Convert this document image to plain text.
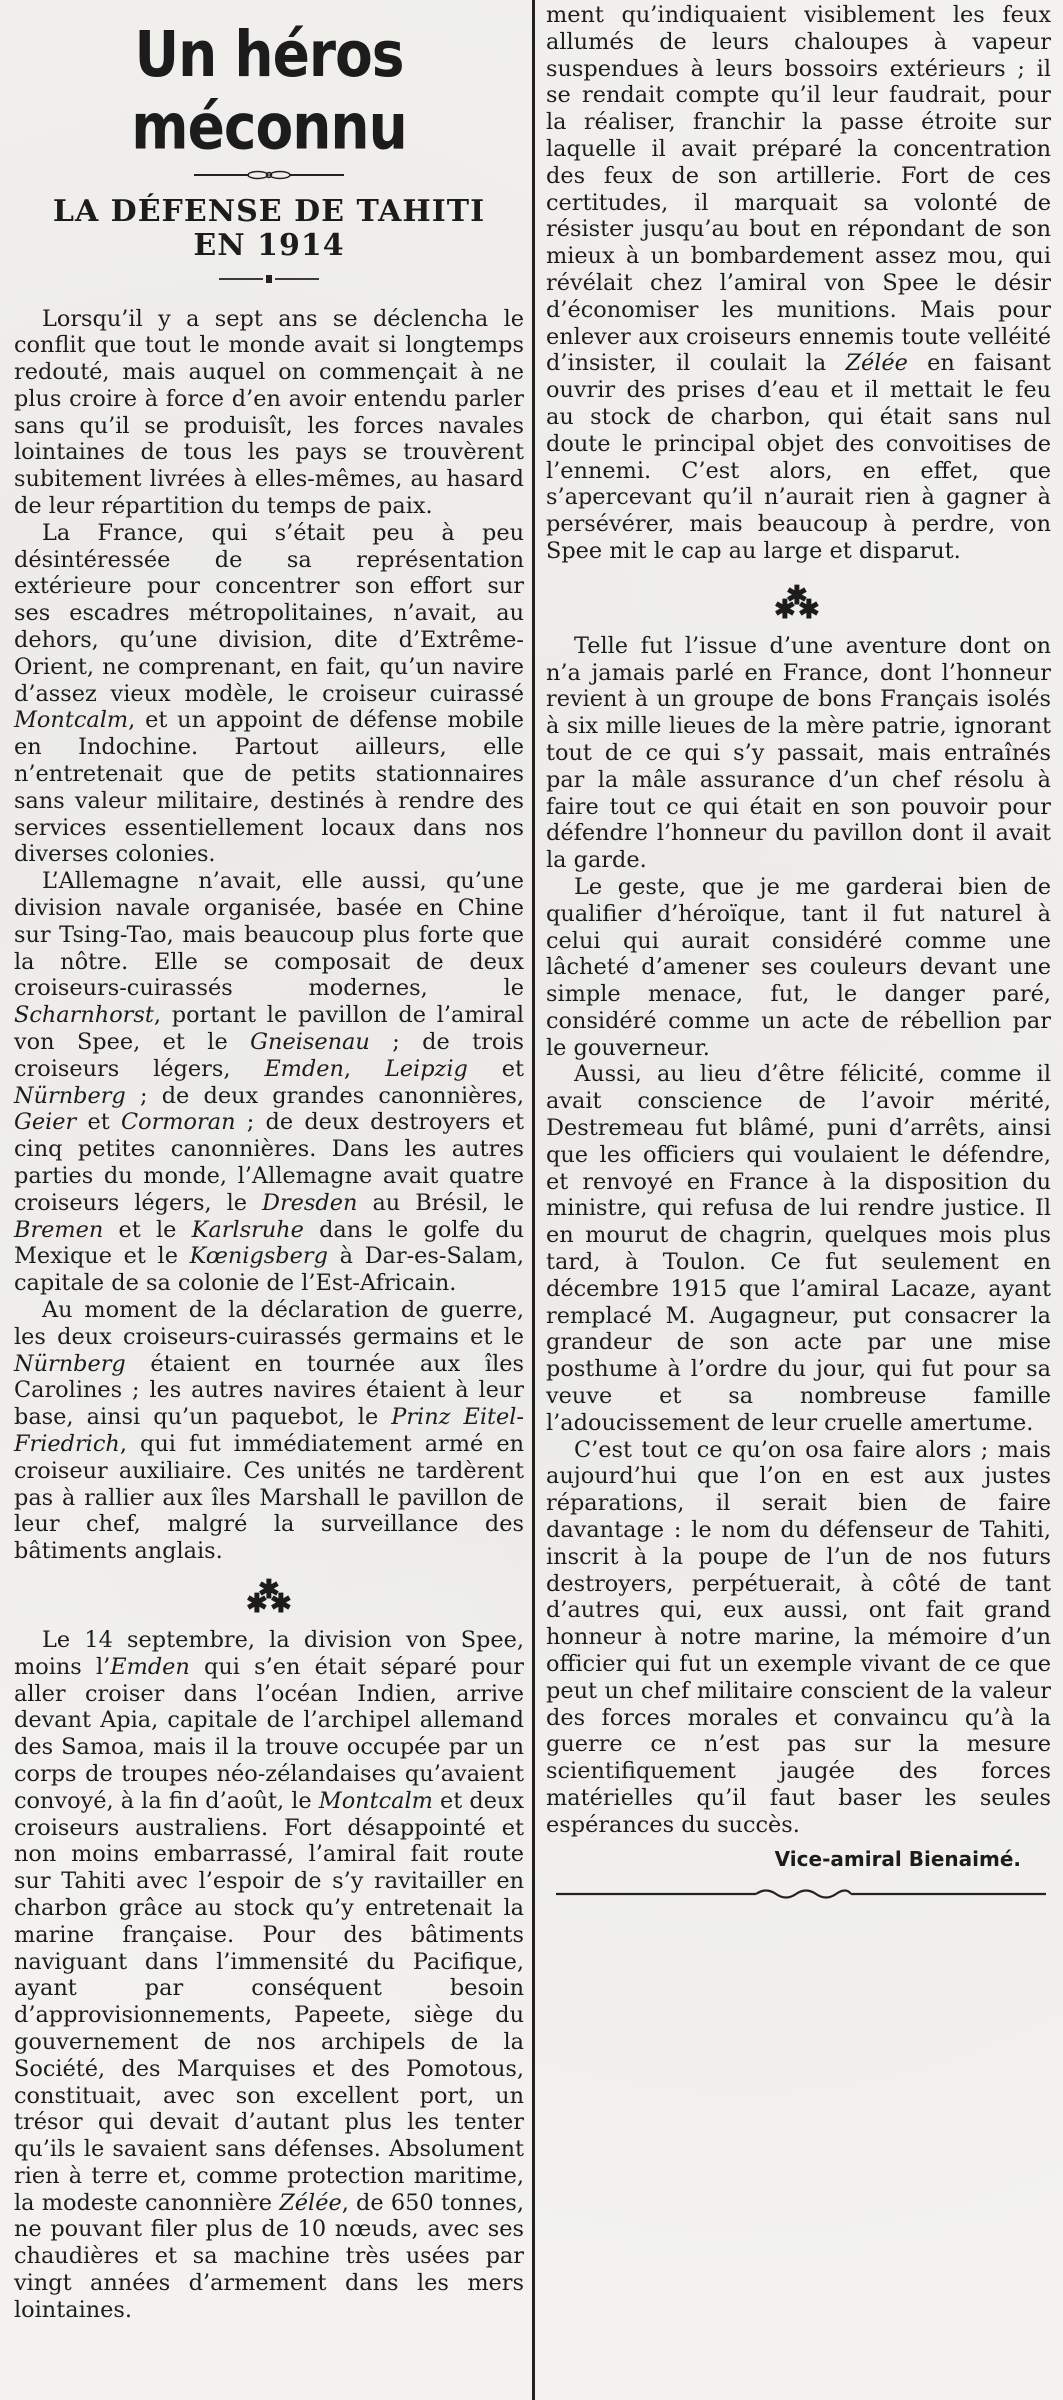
Un héros méconnu
LA DÉFENSE DE TAHITI
EN 1914

Lorsqu’il y a sept ans se déclencha le conflit que tout le monde avait si longtemps redouté, mais auquel on commençait à ne plus croire à force d’en avoir entendu parler sans qu’il se produisît, les forces navales lointaines de tous les pays se trouvèrent subitement livrées à elles-mêmes, au hasard de leur répartition du temps de paix.

La France, qui s’était peu à peu désintéressée de sa représentation extérieure pour concentrer son effort sur ses escadres métropolitaines, n’avait, au dehors, qu’une division, dite d’Extrême-Orient, ne comprenant, en fait, qu’un navire d’assez vieux modèle, le croiseur cuirassé Montcalm, et un appoint de défense mobile en Indochine. Partout ailleurs, elle n’entretenait que de petits stationnaires sans valeur militaire, destinés à rendre des services essentiellement locaux dans nos diverses colonies.

L’Allemagne n’avait, elle aussi, qu’une division navale organisée, basée en Chine sur Tsing-Tao, mais beaucoup plus forte que la nôtre. Elle se composait de deux croiseurs-cuirassés modernes, le Scharnhorst, portant le pavillon de l’amiral von Spee, et le Gneisenau ; de trois croiseurs légers, Emden, Leipzig et Nürnberg ; de deux grandes canonnières, Geier et Cormoran ; de deux destroyers et cinq petites canonnières. Dans les autres parties du monde, l’Allemagne avait quatre croiseurs légers, le Dresden au Brésil, le Bremen et le Karlsruhe dans le golfe du Mexique et le Kœnigsberg à Dar-es-Salam, capitale de sa colonie de l’Est-Africain.

Au moment de la déclaration de guerre, les deux croiseurs-cuirassés germains et le Nürnberg étaient en tournée aux îles Carolines ; les autres navires étaient à leur base, ainsi qu’un paquebot, le Prinz Eitel-Friedrich, qui fut immédiatement armé en croiseur auxiliaire. Ces unités ne tardèrent pas à rallier aux îles Marshall le pavillon de leur chef, malgré la surveillance des bâtiments anglais.

✱
✱ ✱

Le 14 septembre, la division von Spee, moins l’Emden qui s’en était séparé pour aller croiser dans l’océan Indien, arrive devant Apia, capitale de l’archipel allemand des Samoa, mais il la trouve occupée par un corps de troupes néo-zélandaises qu’avaient convoyé, à la fin d’août, le Montcalm et deux croiseurs australiens. Fort désappointé et non moins embarrassé, l’amiral fait route sur Tahiti avec l’espoir de s’y ravitailler en charbon grâce au stock qu’y entretenait la marine française. Pour des bâtiments naviguant dans l’immensité du Pacifique, ayant par conséquent besoin d’approvisionnements, Papeete, siège du gouvernement de nos archipels de la Société, des Marquises et des Pomotous, constituait, avec son excellent port, un trésor qui devait d’autant plus les tenter qu’ils le savaient sans défenses. Absolument rien à terre et, comme protection maritime, la modeste canonnière Zélée, de 650 tonnes, ne pouvant filer plus de 10 nœuds, avec ses chaudières et sa machine très usées par vingt années d’armement dans les mers lointaines.

ment qu’indiquaient visiblement les feux allumés de leurs chaloupes à vapeur suspendues à leurs bossoirs extérieurs ; il se rendait compte qu’il leur faudrait, pour la réaliser, franchir la passe étroite sur laquelle il avait préparé la concentration des feux de son artillerie. Fort de ces certitudes, il marquait sa volonté de résister jusqu’au bout en répondant de son mieux à un bombardement assez mou, qui révélait chez l’amiral von Spee le désir d’économiser les munitions. Mais pour enlever aux croiseurs ennemis toute velléité d’insister, il coulait la Zélée en faisant ouvrir des prises d’eau et il mettait le feu au stock de charbon, qui était sans nul doute le principal objet des convoitises de l’ennemi. C’est alors, en effet, que s’apercevant qu’il n’aurait rien à gagner à persévérer, mais beaucoup à perdre, von Spee mit le cap au large et disparut.

✱
✱ ✱

Telle fut l’issue d’une aventure dont on n’a jamais parlé en France, dont l’honneur revient à un groupe de bons Français isolés à six mille lieues de la mère patrie, ignorant tout de ce qui s’y passait, mais entraînés par la mâle assurance d’un chef résolu à faire tout ce qui était en son pouvoir pour défendre l’honneur du pavillon dont il avait la garde.

Le geste, que je me garderai bien de qualifier d’héroïque, tant il fut naturel à celui qui aurait considéré comme une lâcheté d’amener ses couleurs devant une simple menace, fut, le danger paré, considéré comme un acte de rébellion par le gouverneur.

Aussi, au lieu d’être félicité, comme il avait conscience de l’avoir mérité, Destremeau fut blâmé, puni d’arrêts, ainsi que les officiers qui voulaient le défendre, et renvoyé en France à la disposition du ministre, qui refusa de lui rendre justice. Il en mourut de chagrin, quelques mois plus tard, à Toulon. Ce fut seulement en décembre 1915 que l’amiral Lacaze, ayant remplacé M. Augagneur, put consacrer la grandeur de son acte par une mise posthume à l’ordre du jour, qui fut pour sa veuve et sa nombreuse famille l’adoucissement de leur cruelle amertume.

C’est tout ce qu’on osa faire alors ; mais aujourd’hui que l’on en est aux justes réparations, il serait bien de faire davantage : le nom du défenseur de Tahiti, inscrit à la poupe de l’un de nos futurs destroyers, perpétuerait, à côté de tant d’autres qui, eux aussi, ont fait grand honneur à notre marine, la mémoire d’un officier qui fut un exemple vivant de ce que peut un chef militaire conscient de la valeur des forces morales et convaincu qu’à la guerre ce n’est pas sur la mesure scientifiquement jaugée des forces matérielles qu’il faut baser les seules espérances du succès.

Vice-amiral Bienaimé.
